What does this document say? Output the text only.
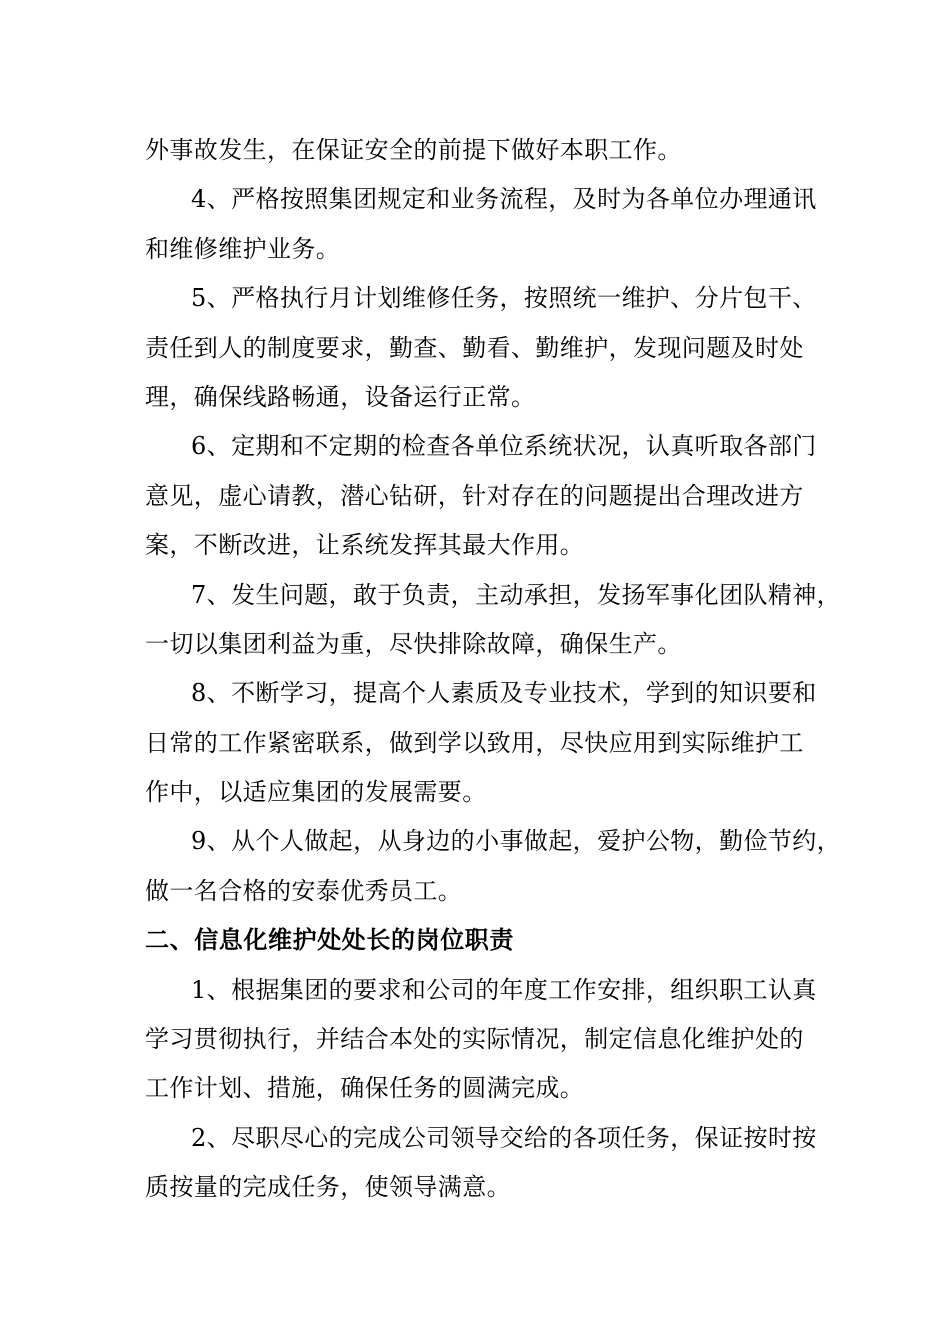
外事故发生，在保证安全的前提下做好本职工作。
4、严格按照集团规定和业务流程，及时为各单位办理通讯
和维修维护业务。
5、严格执行月计划维修任务，按照统一维护、分片包干、
责任到人的制度要求，勤查、勤看、勤维护，发现问题及时处
理，确保线路畅通，设备运行正常。
6、定期和不定期的检查各单位系统状况，认真听取各部门
意见，虚心请教，潜心钻研，针对存在的问题提出合理改进方
案，不断改进，让系统发挥其最大作用。
7、发生问题，敢于负责，主动承担，发扬军事化团队精神，
一切以集团利益为重，尽快排除故障，确保生产。
8、不断学习，提高个人素质及专业技术，学到的知识要和
日常的工作紧密联系，做到学以致用，尽快应用到实际维护工
作中，以适应集团的发展需要。
9、从个人做起，从身边的小事做起，爱护公物，勤俭节约，
做一名合格的安泰优秀员工。
二、信息化维护处处长的岗位职责
1、根据集团的要求和公司的年度工作安排，组织职工认真
学习贯彻执行，并结合本处的实际情况，制定信息化维护处的
工作计划、措施，确保任务的圆满完成。
2、尽职尽心的完成公司领导交给的各项任务，保证按时按
质按量的完成任务，使领导满意。
